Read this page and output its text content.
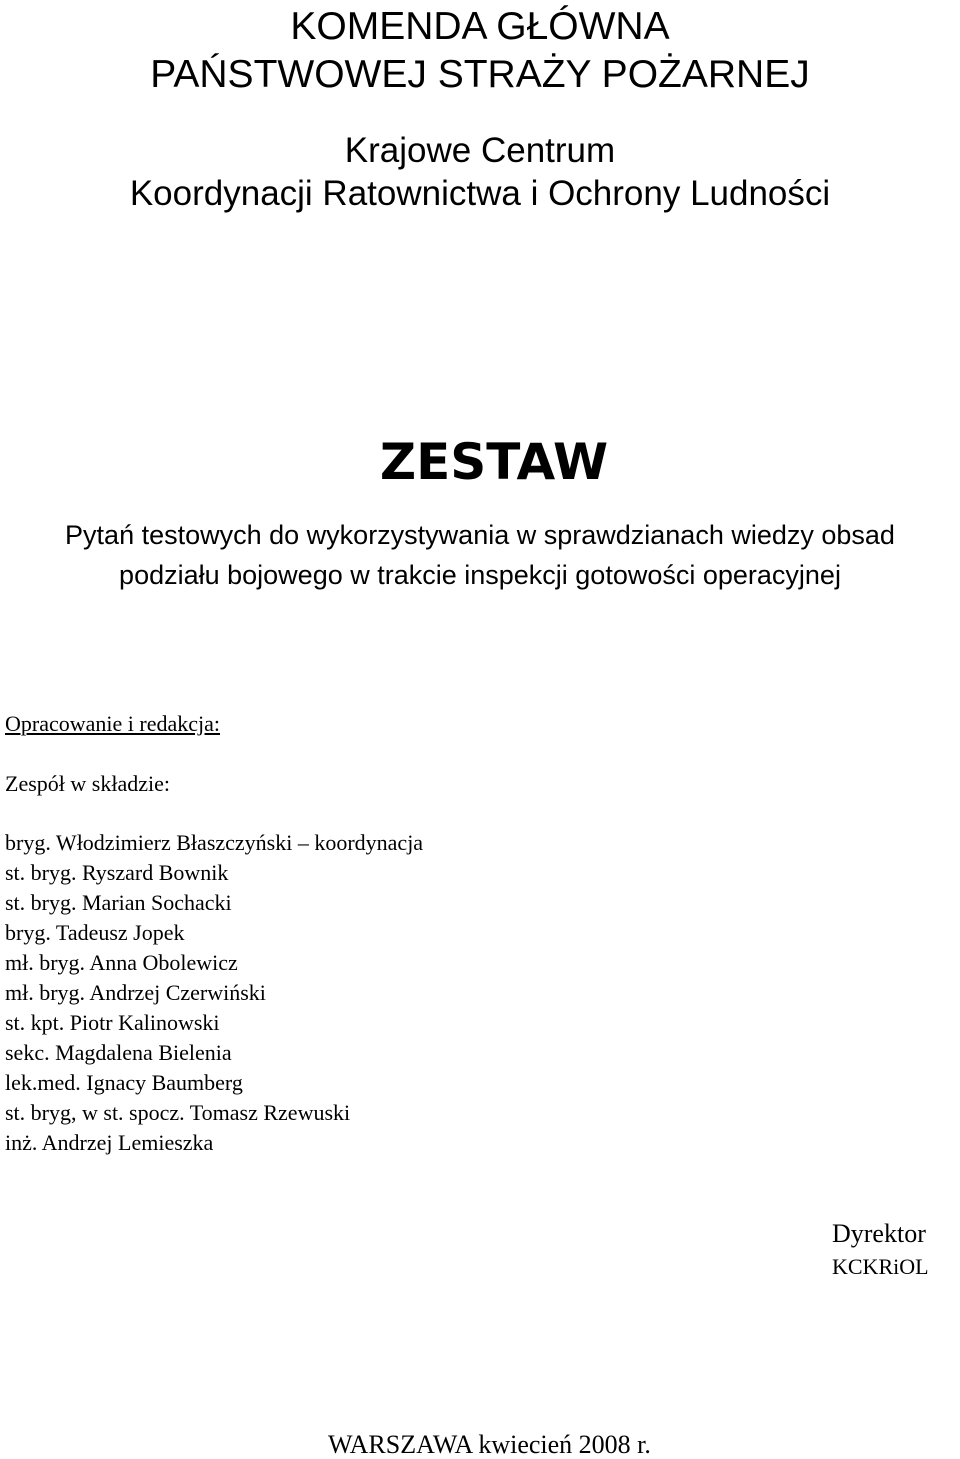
KOMENDA GŁÓWNA
PAŃSTWOWEJ STRAŻY POŻARNEJ
Krajowe Centrum
Koordynacji Ratownictwa i Ochrony Ludności
ZESTAW
Pytań testowych do wykorzystywania w sprawdzianach wiedzy obsad
podziału bojowego w trakcie inspekcji gotowości operacyjnej
Opracowanie i redakcja:
Zespół w składzie:
bryg. Włodzimierz Błaszczyński – koordynacja
st. bryg. Ryszard Bownik
st. bryg. Marian Sochacki
bryg. Tadeusz Jopek
mł. bryg. Anna Obolewicz
mł. bryg. Andrzej Czerwiński
st. kpt. Piotr Kalinowski
sekc. Magdalena Bielenia
lek.med. Ignacy Baumberg
st. bryg, w st. spocz. Tomasz Rzewuski
inż. Andrzej Lemieszka
Dyrektor
KCKRiOL
WARSZAWA kwiecień 2008 r.
